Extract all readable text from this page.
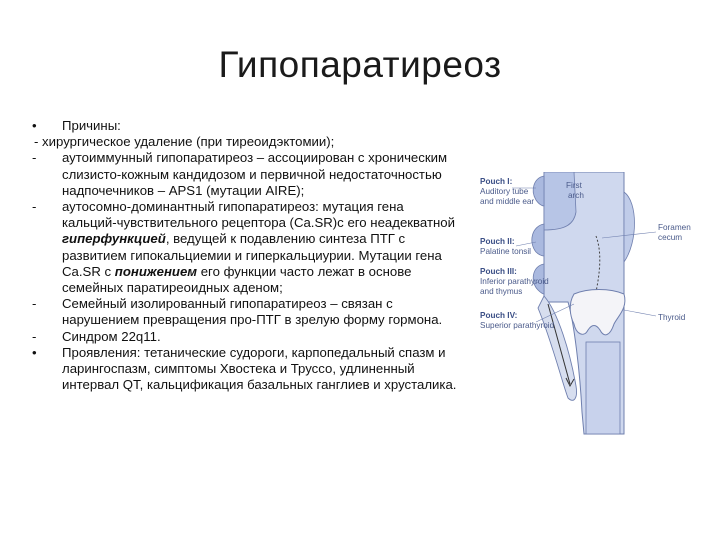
Гипопаратиреоз
• Причины:
- хирургическое удаление (при тиреоидэктомии);
- аутоиммунный гипопаратиреоз – ассоциирован с хроническим слизисто-кожным кандидозом и первичной недостаточностью надпочечников – APS1 (мутации AIRE);
- аутосомно-доминантный гипопаратиреоз: мутация гена кальций-чувствительного рецептора (Ca.SR)с его неадекватной гиперфункцией, ведущей к подавлению синтеза ПТГ с развитием гипокальциемии и гиперкальциурии. Мутации гена Ca.SR с понижением его функции часто лежат в основе семейных паратиреоидных аденом;
- Семейный изолированный гипопаратиреоз – связан с нарушением превращения про-ПТГ в зрелую форму гормона.
- Синдром 22q11.
• Проявления: тетанические судороги, карпопедальный спазм и ларингоспазм, симптомы Хвостека и Труссо, удлиненный интервал QT, кальцификация базальных ганглиев и хрусталика.
Pouch I:
Auditory tube
and middle ear
First
arch
Foramen
cecum
Pouch II:
Palatine tonsil
Pouch III:
Inferior parathyroid
and thymus
Pouch IV:
Superior parathyroid
Thyroid
